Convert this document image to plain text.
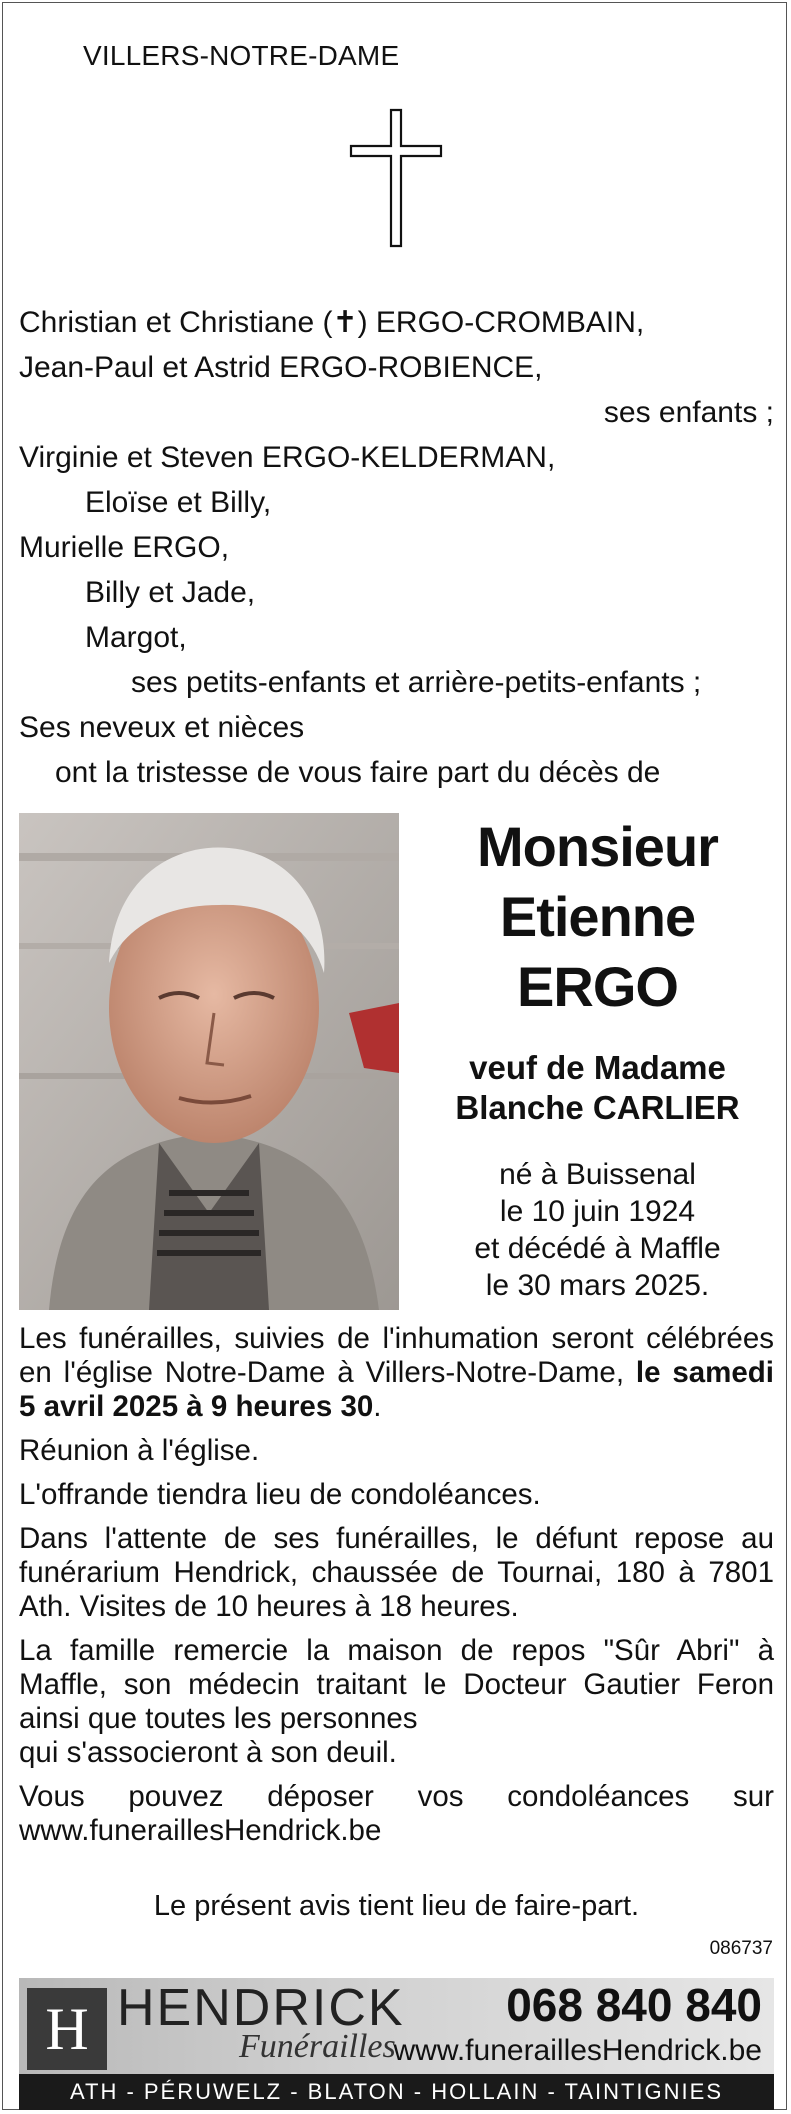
VILLERS-NOTRE-DAME
Christian et Christiane (✝) ERGO-CROMBAIN,
Jean-Paul et Astrid ERGO-ROBIENCE,
ses enfants ;
Virginie et Steven ERGO-KELDERMAN,
Eloïse et Billy,
Murielle ERGO,
Billy et Jade,
Margot,
ses petits-enfants et arrière-petits-enfants ;
Ses neveux et nièces
ont la tristesse de vous faire part du décès de
Monsieur
Etienne
ERGO
veuf de Madame
Blanche CARLIER
né à Buissenal
le 10 juin 1924
et décédé à Maffle
le 30 mars 2025.

Les funérailles, suivies de l'inhumation seront célébrées en l'église Notre-Dame à Villers-Notre-Dame, le samedi 5 avril 2025 à 9 heures 30.

Réunion à l'église.

L'offrande tiendra lieu de condoléances.

Dans l'attente de ses funérailles, le défunt repose au funérarium Hendrick, chaussée de Tournai, 180 à 7801 Ath. Visites de 10 heures à 18 heures.

La famille remercie la maison de repos "Sûr Abri" à Maffle, son médecin traitant le Docteur Gautier Feron ainsi que toutes les personnes

qui s'associeront à son deuil.

Vous pouvez déposer vos condoléances sur

www.funeraillesHendrick.be

Le présent avis tient lieu de faire-part.
086737
H HENDRICK
Funérailles
068 840 840
www.funeraillesHendrick.be
ATH - PÉRUWELZ - BLATON - HOLLAIN - TAINTIGNIES
